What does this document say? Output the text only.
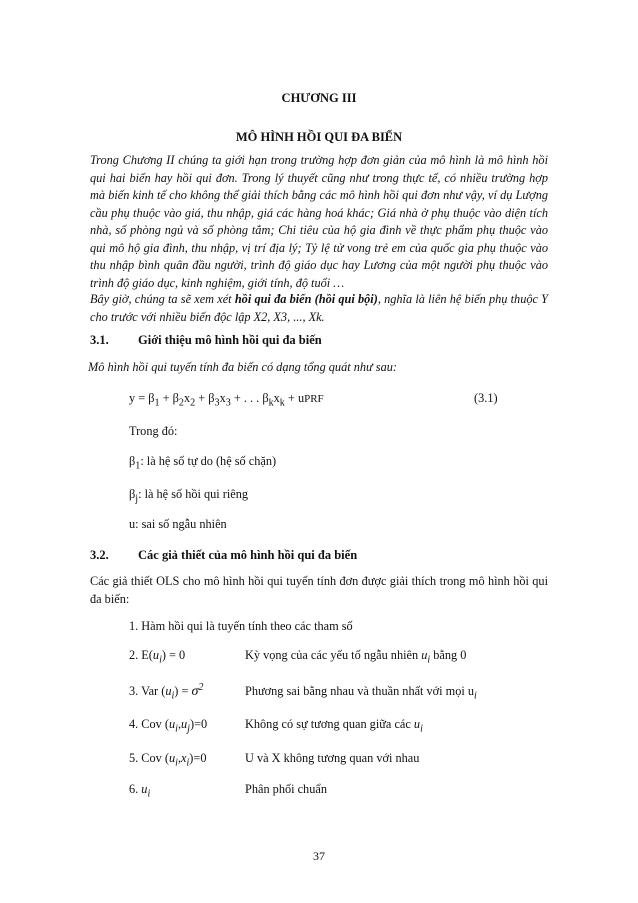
CHƯƠNG III
MÔ HÌNH HỒI QUI ĐA BIẾN
Trong Chương II chúng ta giới hạn trong trường hợp đơn giản của mô hình là mô hình hồi qui hai biến hay hồi qui đơn. Trong lý thuyết cũng như trong thực tế, có nhiều trường hợp mà biến kinh tế cho không thể giải thích bằng các mô hình hồi qui đơn như vậy, ví dụ Lượng cầu phụ thuộc vào giá, thu nhập, giá các hàng hoá khác; Giá nhà ở phụ thuộc vào diện tích nhà, số phòng ngủ và số phòng tắm; Chi tiêu của hộ gia đình về thực phẩm phụ thuộc vào qui mô hộ gia đình, thu nhập, vị trí địa lý; Tỷ lệ tử vong trẻ em của quốc gia phụ thuộc vào thu nhập bình quân đầu người, trình độ giáo dục hay Lương của một người phụ thuộc vào trình độ giáo dục, kinh nghiệm, giới tính, độ tuổi …
Bây giờ, chúng ta sẽ xem xét hồi qui đa biến (hồi qui bội), nghĩa là liên hệ biến phụ thuộc Y cho trước với nhiều biến độc lập X2, X3, ..., Xk.
3.1. Giới thiệu mô hình hồi qui đa biến
Mô hình hồi qui tuyến tính đa biến có dạng tổng quát như sau:
$y = \beta_1 + \beta_2x_2 + \beta_3x_3$ + . . . $\beta_kx_k$ + uPRF	(3.1)
Trong đó:
$\beta_1$: là hệ số tự do (hệ số chặn)
$\beta_j$: là hệ số hồi qui riêng
u: sai số ngẫu nhiên
3.2. Các giả thiết của mô hình hồi qui đa biến
Các giả thiết OLS cho mô hình hồi qui tuyến tính đơn được giải thích trong mô hình hồi qui đa biến:
1. Hàm hồi qui là tuyến tính theo các tham số
2. $E(u_i) = 0$	Kỳ vọng của các yếu tố ngẫu nhiên $u_i$ bằng 0
3. Var $(u_i) = \sigma^2$	Phương sai bằng nhau và thuần nhất với mọi $u_i$
4. Cov $(u_i,u_j)=0$	Không có sự tương quan giữa các $u_i$
5. Cov $(u_i,x_i)=0$	U và X không tương quan với nhau
6. $u_i$	Phân phối chuẩn
37
